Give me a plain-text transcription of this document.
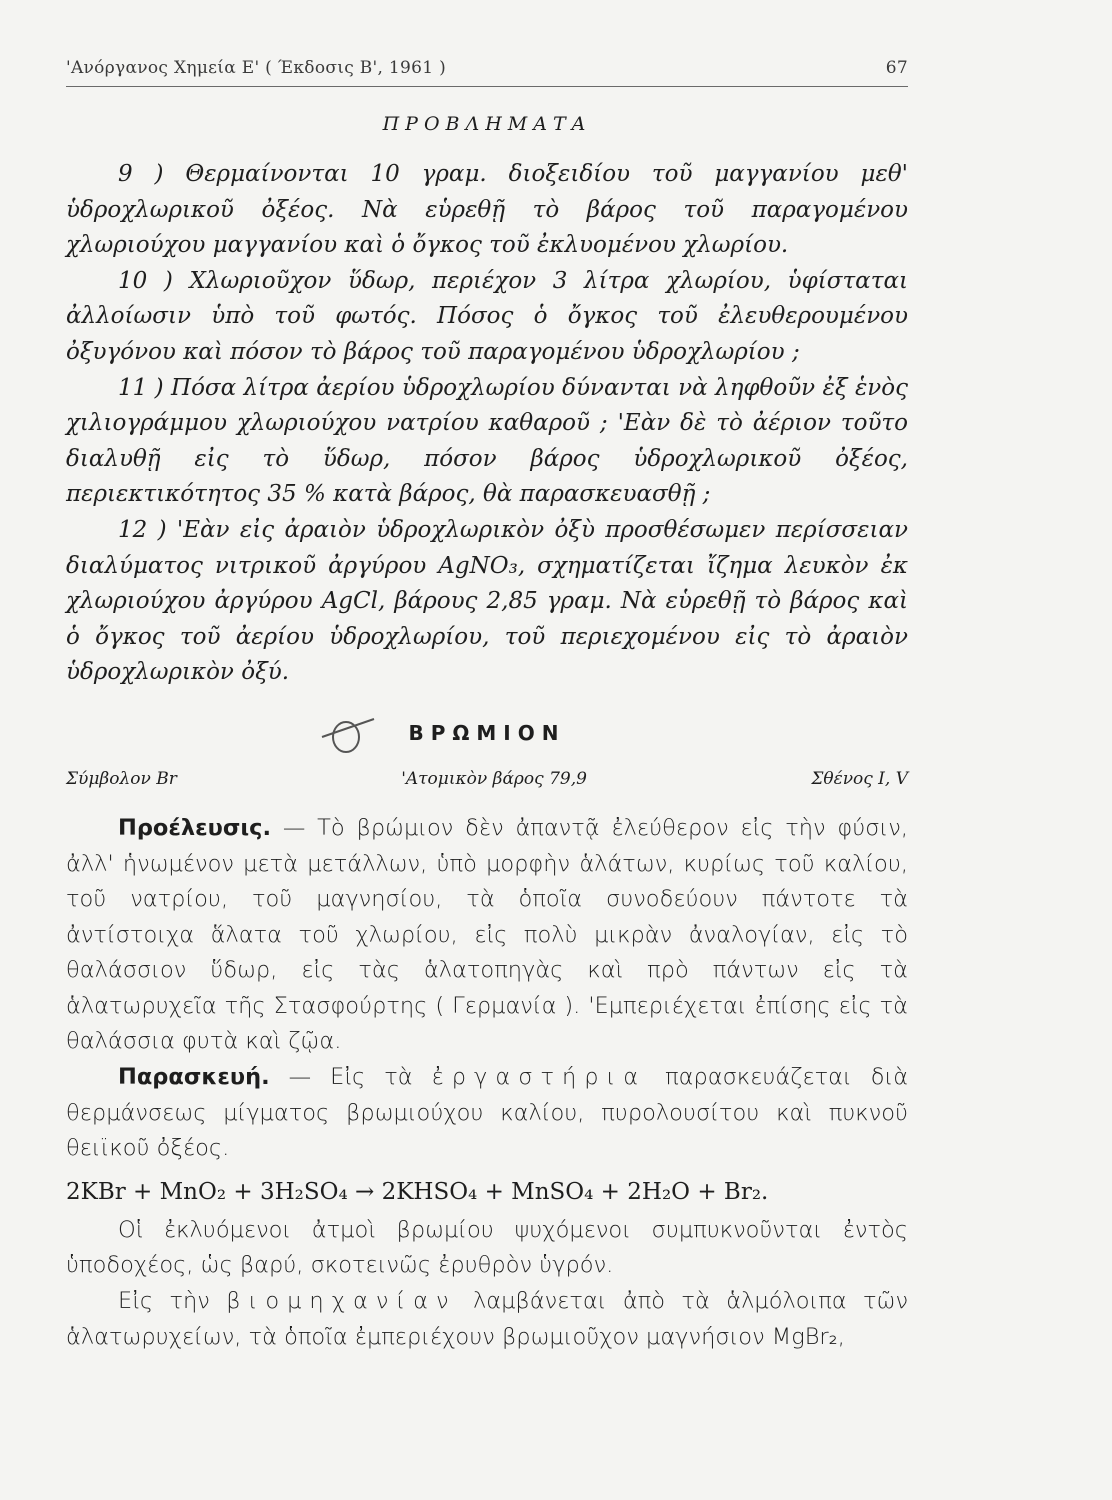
'Ανόργανος Χημεία Ε' ( Έκδοσις Β', 1961 )	67
ΠΡΟΒΛΗΜΑΤΑ

9 ) Θερμαίνονται 10 γραμ. διοξειδίου τοῦ μαγγανίου μεθ' ὑδροχλωρικοῦ ὀξέος. Νὰ εὑρεθῇ τὸ βάρος τοῦ παραγομένου χλωριούχου μαγγανίου καὶ ὁ ὄγκος τοῦ ἐκλυομένου χλωρίου.

10 ) Χλωριοῦχον ὕδωρ, περιέχον 3 λίτρα χλωρίου, ὑφίσταται ἀλλοίωσιν ὑπὸ τοῦ φωτός. Πόσος ὁ ὄγκος τοῦ ἐλευθερουμένου ὀξυγόνου καὶ πόσον τὸ βάρος τοῦ παραγομένου ὑδροχλωρίου ;

11 ) Πόσα λίτρα ἀερίου ὑδροχλωρίου δύνανται νὰ ληφθοῦν ἐξ ἑνὸς χιλιογράμμου χλωριούχου νατρίου καθαροῦ ; 'Εὰν δὲ τὸ ἀέριον τοῦτο διαλυθῇ εἰς τὸ ὕδωρ, πόσον βάρος ὑδροχλωρικοῦ ὀξέος, περιεκτικότητος 35 % κατὰ βάρος, θὰ παρασκευασθῇ ;

12 ) 'Εὰν εἰς ἀραιὸν ὑδροχλωρικὸν ὀξὺ προσθέσωμεν περίσσειαν διαλύματος νιτρικοῦ ἀργύρου AgNO₃, σχηματίζεται ἴζημα λευκὸν ἐκ χλωριούχου ἀργύρου AgCl, βάρους 2,85 γραμ. Νὰ εὑρεθῇ τὸ βάρος καὶ ὁ ὄγκος τοῦ ἀερίου ὑδροχλωρίου, τοῦ περιεχομένου εἰς τὸ ἀραιὸν ὑδροχλωρικὸν ὀξύ.

ΒΡΩΜΙΟΝ
Σύμβολον Br	'Ατομικὸν βάρος 79,9	Σθένος I, V

Προέλευσις. — Τὸ βρώμιον δὲν ἀπαντᾷ ἐλεύθερον εἰς τὴν φύσιν, ἀλλ' ἡνωμένον μετὰ μετάλλων, ὑπὸ μορφὴν ἁλάτων, κυρίως τοῦ καλίου, τοῦ νατρίου, τοῦ μαγνησίου, τὰ ὁποῖα συνοδεύουν πάντοτε τὰ ἀντίστοιχα ἅλατα τοῦ χλωρίου, εἰς πολὺ μικρὰν ἀναλογίαν, εἰς τὸ θαλάσσιον ὕδωρ, εἰς τὰς ἁλατοπηγὰς καὶ πρὸ πάντων εἰς τὰ ἁλατωρυχεῖα τῆς Στασφούρτης ( Γερμανία ). 'Εμπεριέχεται ἐπίσης εἰς τὰ θαλάσσια φυτὰ καὶ ζῷα.

Παρασκευή. — Εἰς τὰ ἐργαστήρια παρασκευάζεται διὰ θερμάνσεως μίγματος βρωμιούχου καλίου, πυρολουσίτου καὶ πυκνοῦ θειϊκοῦ ὀξέος.

2KBr + MnO₂ + 3H₂SO₄ → 2KHSO₄ + MnSO₄ + 2H₂O + Br₂.

Οἱ ἐκλυόμενοι ἀτμοὶ βρωμίου ψυχόμενοι συμπυκνοῦνται ἐντὸς ὑποδοχέος, ὡς βαρύ, σκοτεινῶς ἐρυθρὸν ὑγρόν.

Εἰς τὴν βιομηχανίαν λαμβάνεται ἀπὸ τὰ ἁλμόλοιπα τῶν ἁλατωρυχείων, τὰ ὁποῖα ἐμπεριέχουν βρωμιοῦχον μαγνήσιον MgBr₂,
